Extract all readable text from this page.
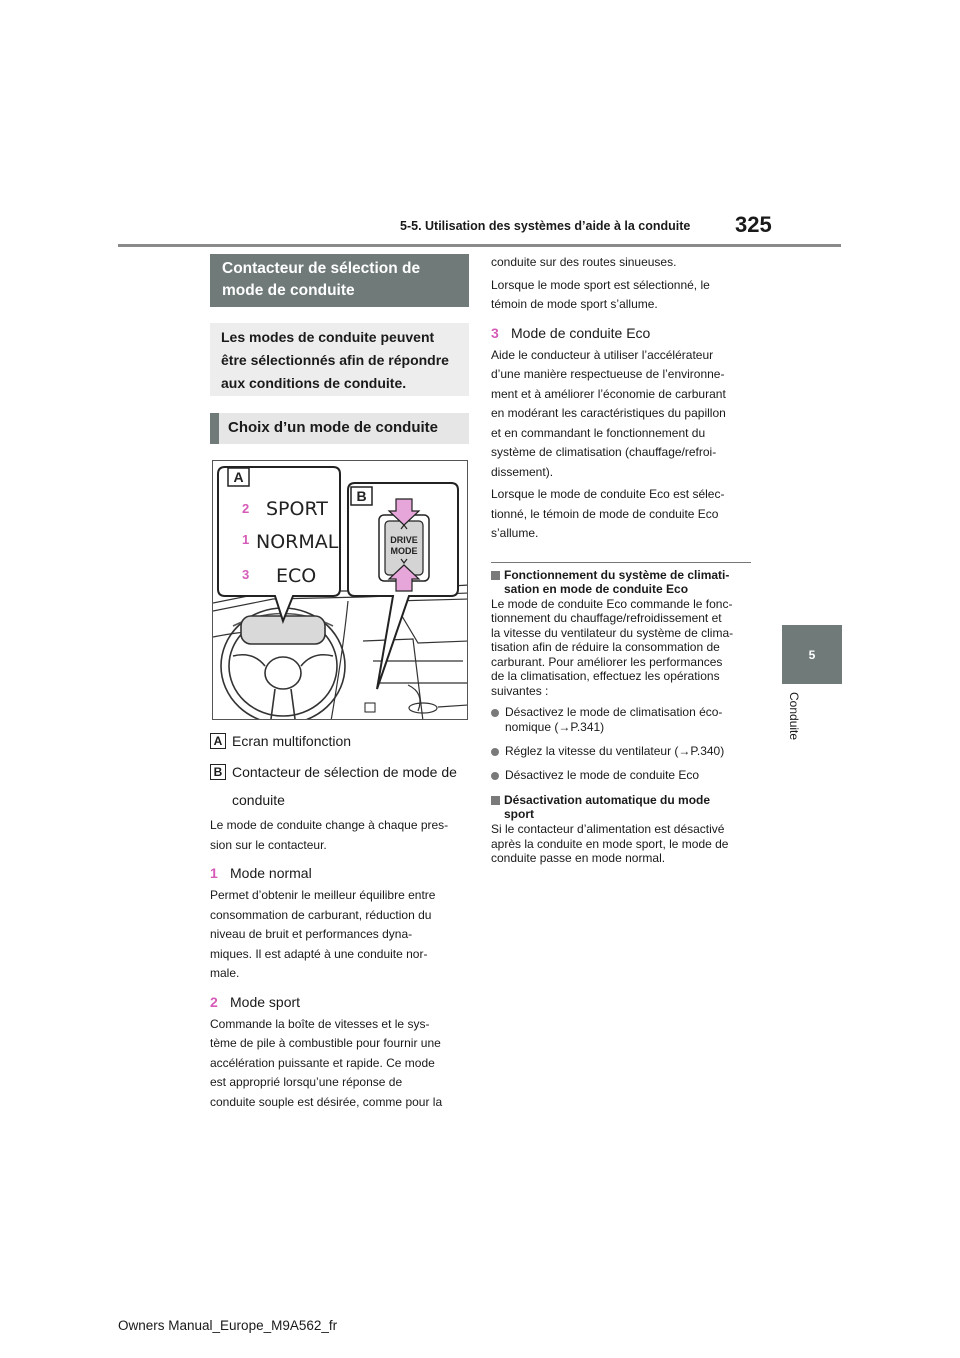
5-5. Utilisation des systèmes d’aide à la conduite 325
5
Conduite
Contacteur de sélection de
mode de conduite
Les modes de conduite peuvent
être sélectionnés afin de répondre
aux conditions de conduite.
Choix d’un mode de conduite
A
2 SPORT
1 NORMAL
3 ECO
B
DRIVE
MODE
A Ecran multifonction
B Contacteur de sélection de mode de
conduite
Le mode de conduite change à chaque pres-
sion sur le contacteur.
1 Mode normal
Permet d’obtenir le meilleur équilibre entre
consommation de carburant, réduction du
niveau de bruit et performances dyna-
miques. Il est adapté à une conduite nor-
male.
2 Mode sport
Commande la boîte de vitesses et le sys-
tème de pile à combustible pour fournir une
accélération puissante et rapide. Ce mode
est approprié lorsqu’une réponse de
conduite souple est désirée, comme pour la
conduite sur des routes sinueuses.
Lorsque le mode sport est sélectionné, le
témoin de mode sport s’allume.
3 Mode de conduite Eco
Aide le conducteur à utiliser l’accélérateur
d’une manière respectueuse de l’environne-
ment et à améliorer l’économie de carburant
en modérant les caractéristiques du papillon
et en commandant le fonctionnement du
système de climatisation (chauffage/refroi-
dissement).
Lorsque le mode de conduite Eco est sélec-
tionné, le témoin de mode de conduite Eco
s’allume.
Fonctionnement du système de climati-
sation en mode de conduite Eco
Le mode de conduite Eco commande le fonc-
tionnement du chauffage/refroidissement et
la vitesse du ventilateur du système de clima-
tisation afin de réduire la consommation de
carburant. Pour améliorer les performances
de la climatisation, effectuez les opérations
suivantes :
Désactivez le mode de climatisation éco-
nomique (→P.341)
Réglez la vitesse du ventilateur (→P.340)
Désactivez le mode de conduite Eco
Désactivation automatique du mode
sport
Si le contacteur d’alimentation est désactivé
après la conduite en mode sport, le mode de
conduite passe en mode normal.
Owners Manual_Europe_M9A562_fr
